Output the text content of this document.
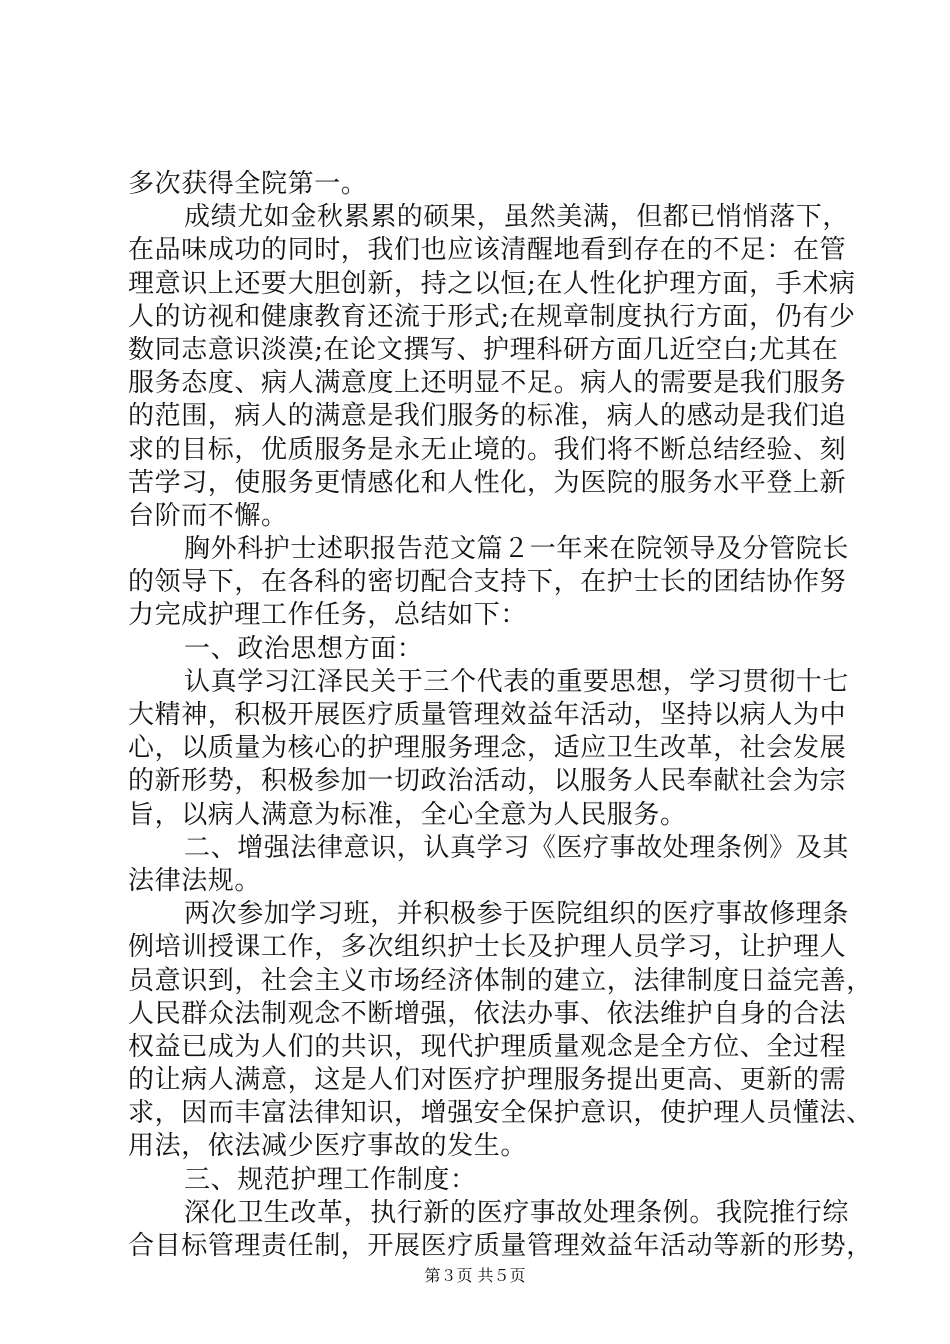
多次获得全院第一。
成绩尤如金秋累累的硕果，虽然美满，但都已悄悄落下，
在品味成功的同时，我们也应该清醒地看到存在的不足：在管
理意识上还要大胆创新，持之以恒;在人性化护理方面，手术病
人的访视和健康教育还流于形式;在规章制度执行方面，仍有少
数同志意识淡漠;在论文撰写、护理科研方面几近空白;尤其在
服务态度、病人满意度上还明显不足。病人的需要是我们服务
的范围，病人的满意是我们服务的标准，病人的感动是我们追
求的目标，优质服务是永无止境的。我们将不断总结经验、刻
苦学习，使服务更情感化和人性化，为医院的服务水平登上新
台阶而不懈。
胸外科护士述职报告范文篇２一年来在院领导及分管院长
的领导下，在各科的密切配合支持下，在护士长的团结协作努
力完成护理工作任务，总结如下：
一、政治思想方面：
认真学习江泽民关于三个代表的重要思想，学习贯彻十七
大精神，积极开展医疗质量管理效益年活动，坚持以病人为中
心，以质量为核心的护理服务理念，适应卫生改革，社会发展
的新形势，积极参加一切政治活动，以服务人民奉献社会为宗
旨，以病人满意为标准，全心全意为人民服务。
二、增强法律意识，认真学习《医疗事故处理条例》及其
法律法规。
两次参加学习班，并积极参于医院组织的医疗事故修理条
例培训授课工作，多次组织护士长及护理人员学习，让护理人
员意识到，社会主义市场经济体制的建立，法律制度日益完善，
人民群众法制观念不断增强，依法办事、依法维护自身的合法
权益已成为人们的共识，现代护理质量观念是全方位、全过程
的让病人满意，这是人们对医疗护理服务提出更高、更新的需
求，因而丰富法律知识，增强安全保护意识，使护理人员懂法、
用法，依法减少医疗事故的发生。
三、规范护理工作制度：
深化卫生改革，执行新的医疗事故处理条例。我院推行综
合目标管理责任制，开展医疗质量管理效益年活动等新的形势，
第３页 共５页
